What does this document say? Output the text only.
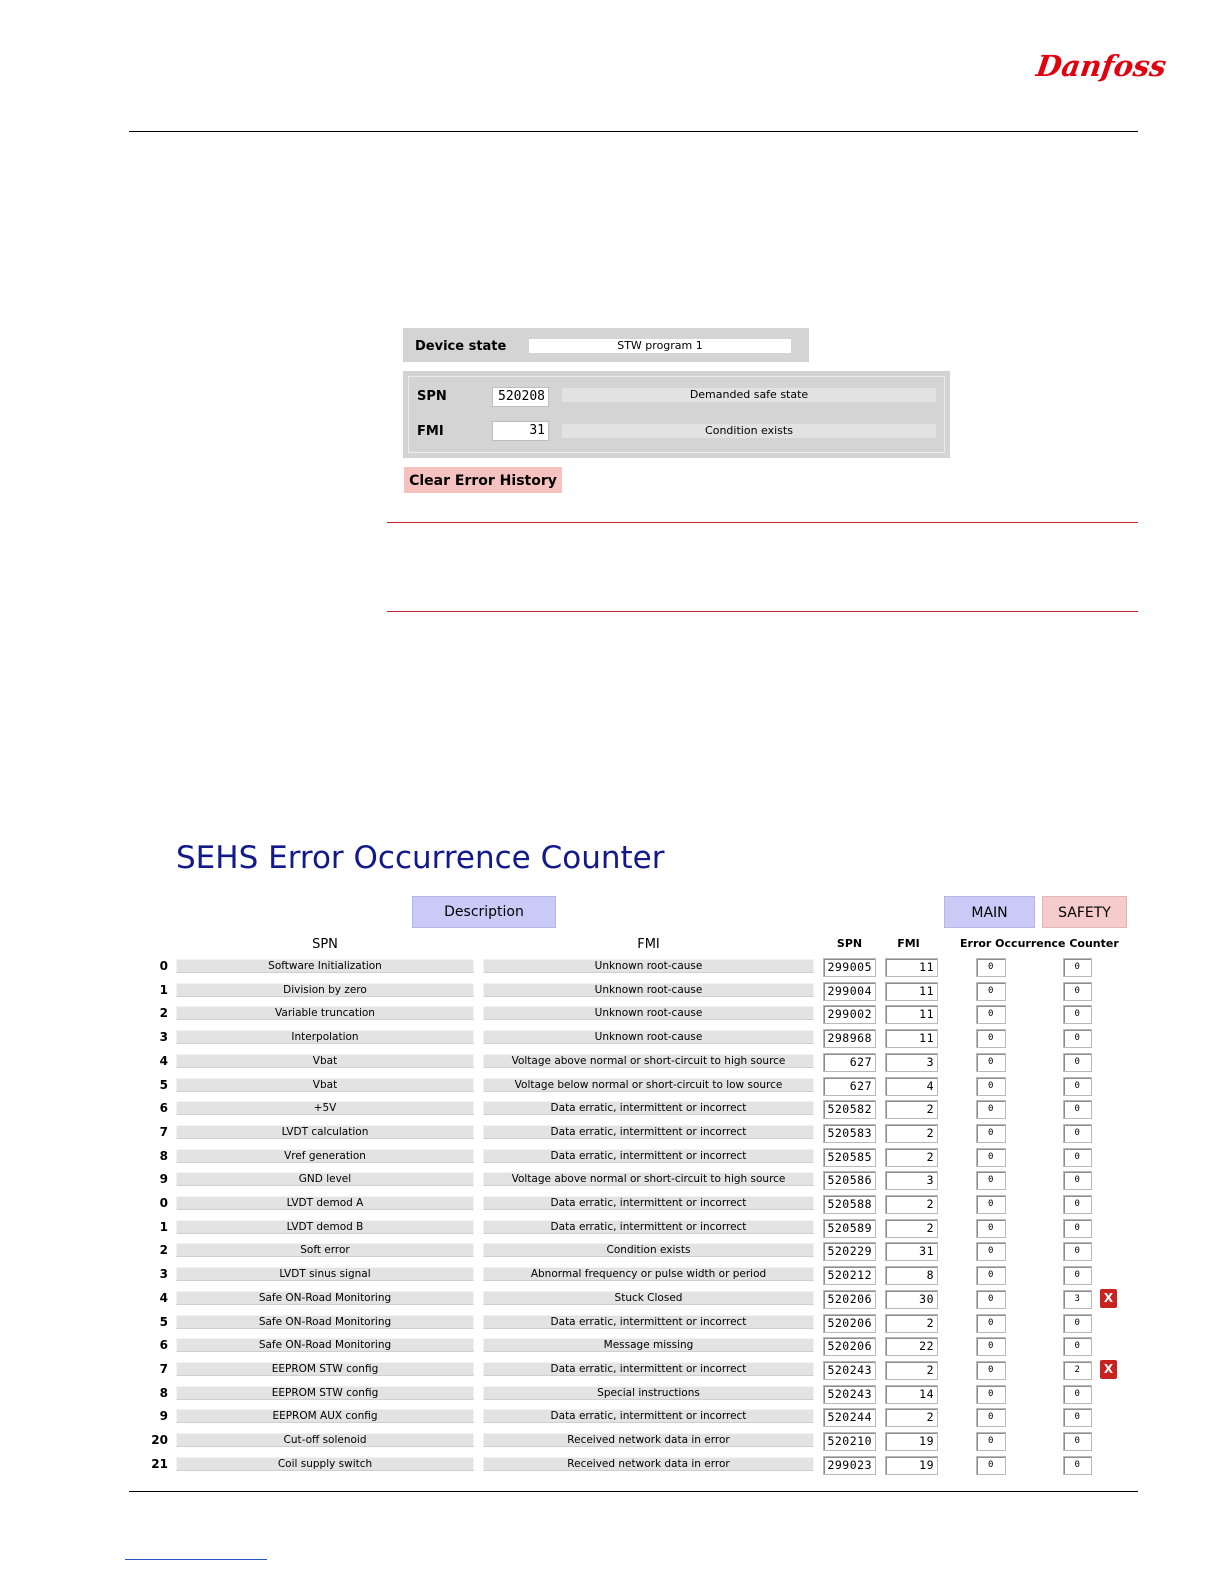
Danfoss
Device state	STW program 1
SPN	520208	Demanded safe state
FMI	31	Condition exists
Clear Error History
SEHS Error Occurrence Counter
Description	MAIN	SAFETY
SPN	FMI	SPN	FMI	Error Occurrence Counter
0	Software Initialization	Unknown root-cause	299005	11	0	0
1	Division by zero	Unknown root-cause	299004	11	0	0
2	Variable truncation	Unknown root-cause	299002	11	0	0
3	Interpolation	Unknown root-cause	298968	11	0	0
4	Vbat	Voltage above normal or short-circuit to high source	627	3	0	0
5	Vbat	Voltage below normal or short-circuit to low source	627	4	0	0
6	+5V	Data erratic, intermittent or incorrect	520582	2	0	0
7	LVDT calculation	Data erratic, intermittent or incorrect	520583	2	0	0
8	Vref generation	Data erratic, intermittent or incorrect	520585	2	0	0
9	GND level	Voltage above normal or short-circuit to high source	520586	3	0	0
0	LVDT demod A	Data erratic, intermittent or incorrect	520588	2	0	0
1	LVDT demod B	Data erratic, intermittent or incorrect	520589	2	0	0
2	Soft error	Condition exists	520229	31	0	0
3	LVDT sinus signal	Abnormal frequency or pulse width or period	520212	8	0	0
4	Safe ON-Road Monitoring	Stuck Closed	520206	30	0	3	X
5	Safe ON-Road Monitoring	Data erratic, intermittent or incorrect	520206	2	0	0
6	Safe ON-Road Monitoring	Message missing	520206	22	0	0
7	EEPROM STW config	Data erratic, intermittent or incorrect	520243	2	0	2	X
8	EEPROM STW config	Special instructions	520243	14	0	0
9	EEPROM AUX config	Data erratic, intermittent or incorrect	520244	2	0	0
20	Cut-off solenoid	Received network data in error	520210	19	0	0
21	Coil supply switch	Received network data in error	299023	19	0	0
